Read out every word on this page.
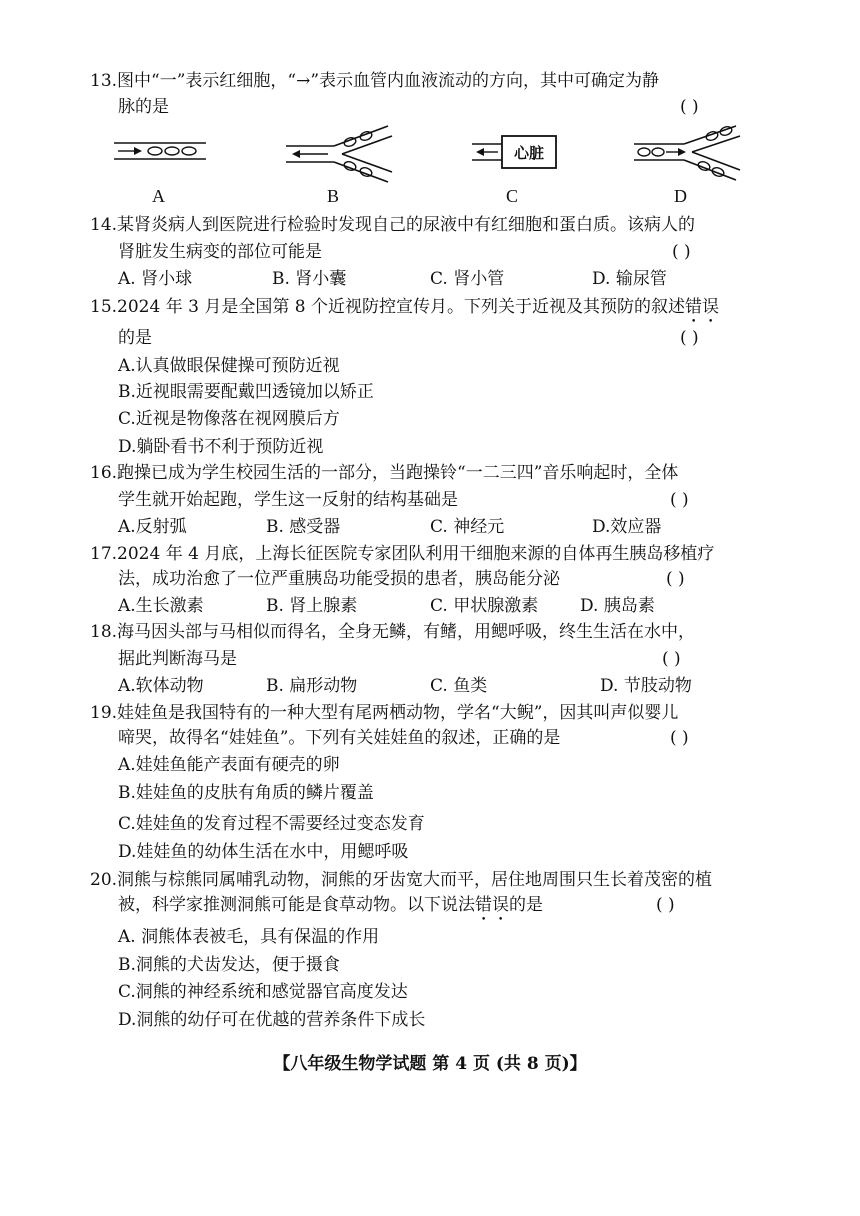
13.图中“一”表示红细胞，“→”表示血管内血液流动的方向，其中可确定为静
脉的是	( )
心脏
A	B	C	D
14.某肾炎病人到医院进行检验时发现自己的尿液中有红细胞和蛋白质。该病人的
肾脏发生病变的部位可能是	( )
A. 肾小球	B. 肾小囊	C. 肾小管	D. 输尿管
15.2024 年 3 月是全国第 8 个近视防控宣传月。下列关于近视及其预防的叙述错误
的是	( )
A.认真做眼保健操可预防近视
B.近视眼需要配戴凹透镜加以矫正
C.近视是物像落在视网膜后方
D.躺卧看书不利于预防近视
16.跑操已成为学生校园生活的一部分，当跑操铃“一二三四”音乐响起时，全体
学生就开始起跑，学生这一反射的结构基础是	( )
A.反射弧	B. 感受器	C. 神经元	D.效应器
17.2024 年 4 月底，上海长征医院专家团队利用干细胞来源的自体再生胰岛移植疗
法，成功治愈了一位严重胰岛功能受损的患者，胰岛能分泌	( )
A.生长激素	B. 肾上腺素	C. 甲状腺激素 D. 胰岛素
18.海马因头部与马相似而得名，全身无鳞，有鳍，用鳃呼吸，终生生活在水中，
据此判断海马是	( )
A.软体动物	B. 扁形动物	C. 鱼类	D. 节肢动物
19.娃娃鱼是我国特有的一种大型有尾两栖动物，学名“大鲵”，因其叫声似婴儿
啼哭，故得名“娃娃鱼”。下列有关娃娃鱼的叙述，正确的是	( )
A.娃娃鱼能产表面有硬壳的卵
B.娃娃鱼的皮肤有角质的鳞片覆盖
C.娃娃鱼的发育过程不需要经过变态发育
D.娃娃鱼的幼体生活在水中，用鳃呼吸
20.洞熊与棕熊同属哺乳动物，洞熊的牙齿宽大而平，居住地周围只生长着茂密的植
被，科学家推测洞熊可能是食草动物。以下说法错误的是	( )
A. 洞熊体表被毛，具有保温的作用
B.洞熊的犬齿发达，便于摄食
C.洞熊的神经系统和感觉器官高度发达
D.洞熊的幼仔可在优越的营养条件下成长
【八年级生物学试题 第 4 页 (共 8 页)】
